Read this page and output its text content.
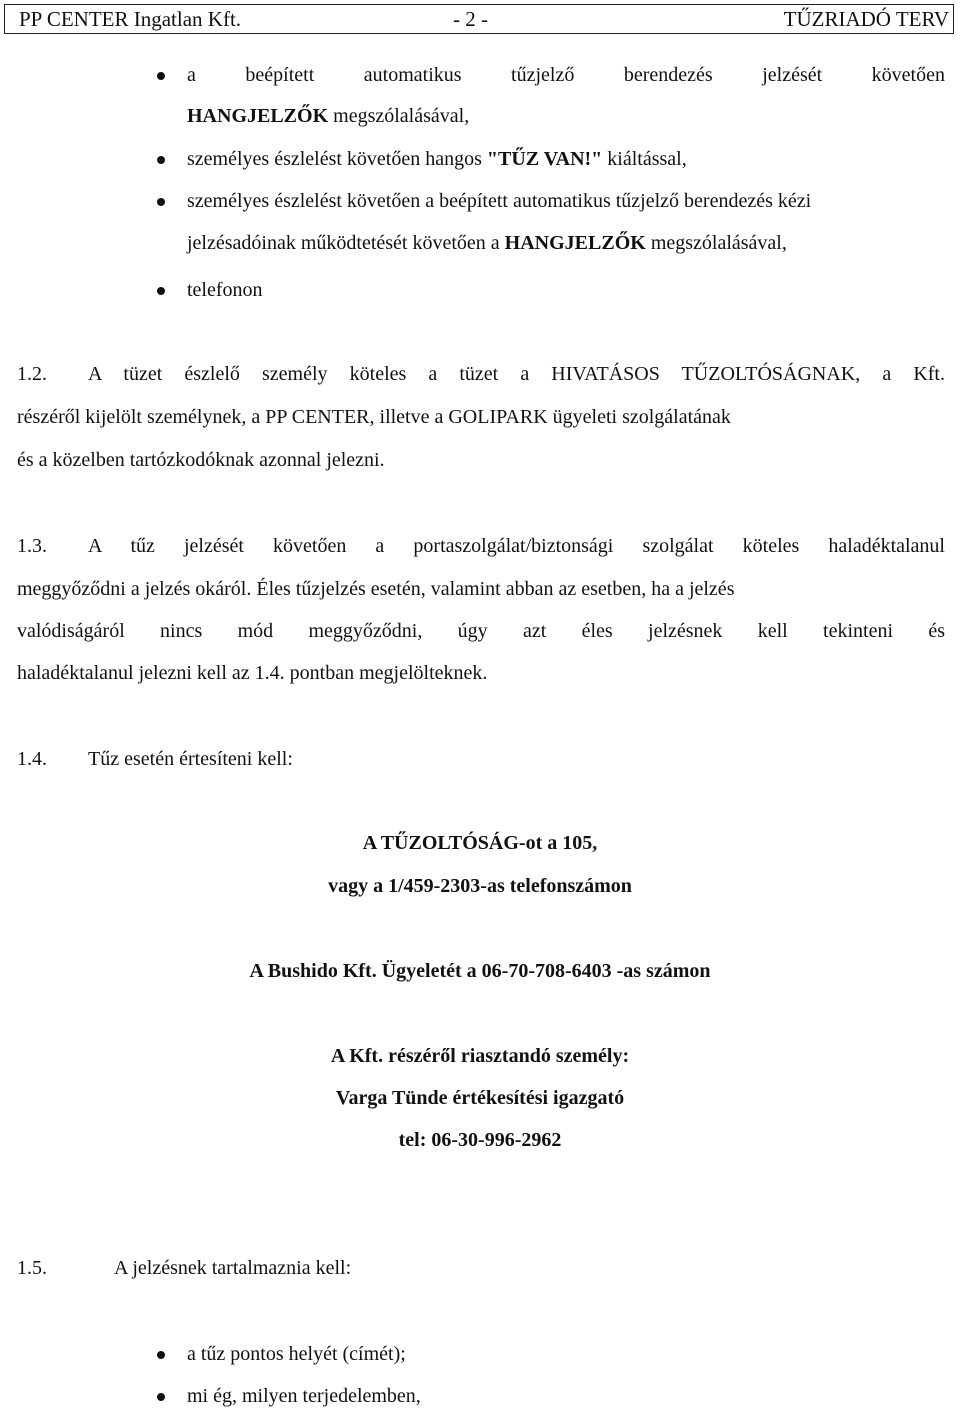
PP CENTER Ingatlan Kft.	- 2 -	TŰZRIADÓ TERV
a beépített automatikus tűzjelző berendezés jelzését követően
HANGJELZŐK megszólalásával,
személyes észlelést követően hangos "TŰZ VAN!" kiáltással,
személyes észlelést követően a beépített automatikus tűzjelző berendezés kézi
jelzésadóinak működtetését követően a HANGJELZŐK megszólalásával,
telefonon
1.2. A tüzet észlelő személy köteles a tüzet a HIVATÁSOS TŰZOLTÓSÁGNAK, a Kft.
részéről kijelölt személynek, a PP CENTER, illetve a GOLIPARK ügyeleti szolgálatának
és a közelben tartózkodóknak azonnal jelezni.
1.3. A tűz jelzését követően a portaszolgálat/biztonsági szolgálat köteles haladéktalanul
meggyőződni a jelzés okáról. Éles tűzjelzés esetén, valamint abban az esetben, ha a jelzés
valódiságáról nincs mód meggyőződni, úgy azt éles jelzésnek kell tekinteni és
haladéktalanul jelezni kell az 1.4. pontban megjelölteknek.
1.4. Tűz esetén értesíteni kell:
A TŰZOLTÓSÁG-ot a 105,
vagy a 1/459-2303-as telefonszámon
A Bushido Kft. Ügyeletét a 06-70-708-6403 -as számon
A Kft. részéről riasztandó személy:
Varga Tünde értékesítési igazgató
tel: 06-30-996-2962
1.5.	A jelzésnek tartalmaznia kell:
a tűz pontos helyét (címét);
mi ég, milyen terjedelemben,
